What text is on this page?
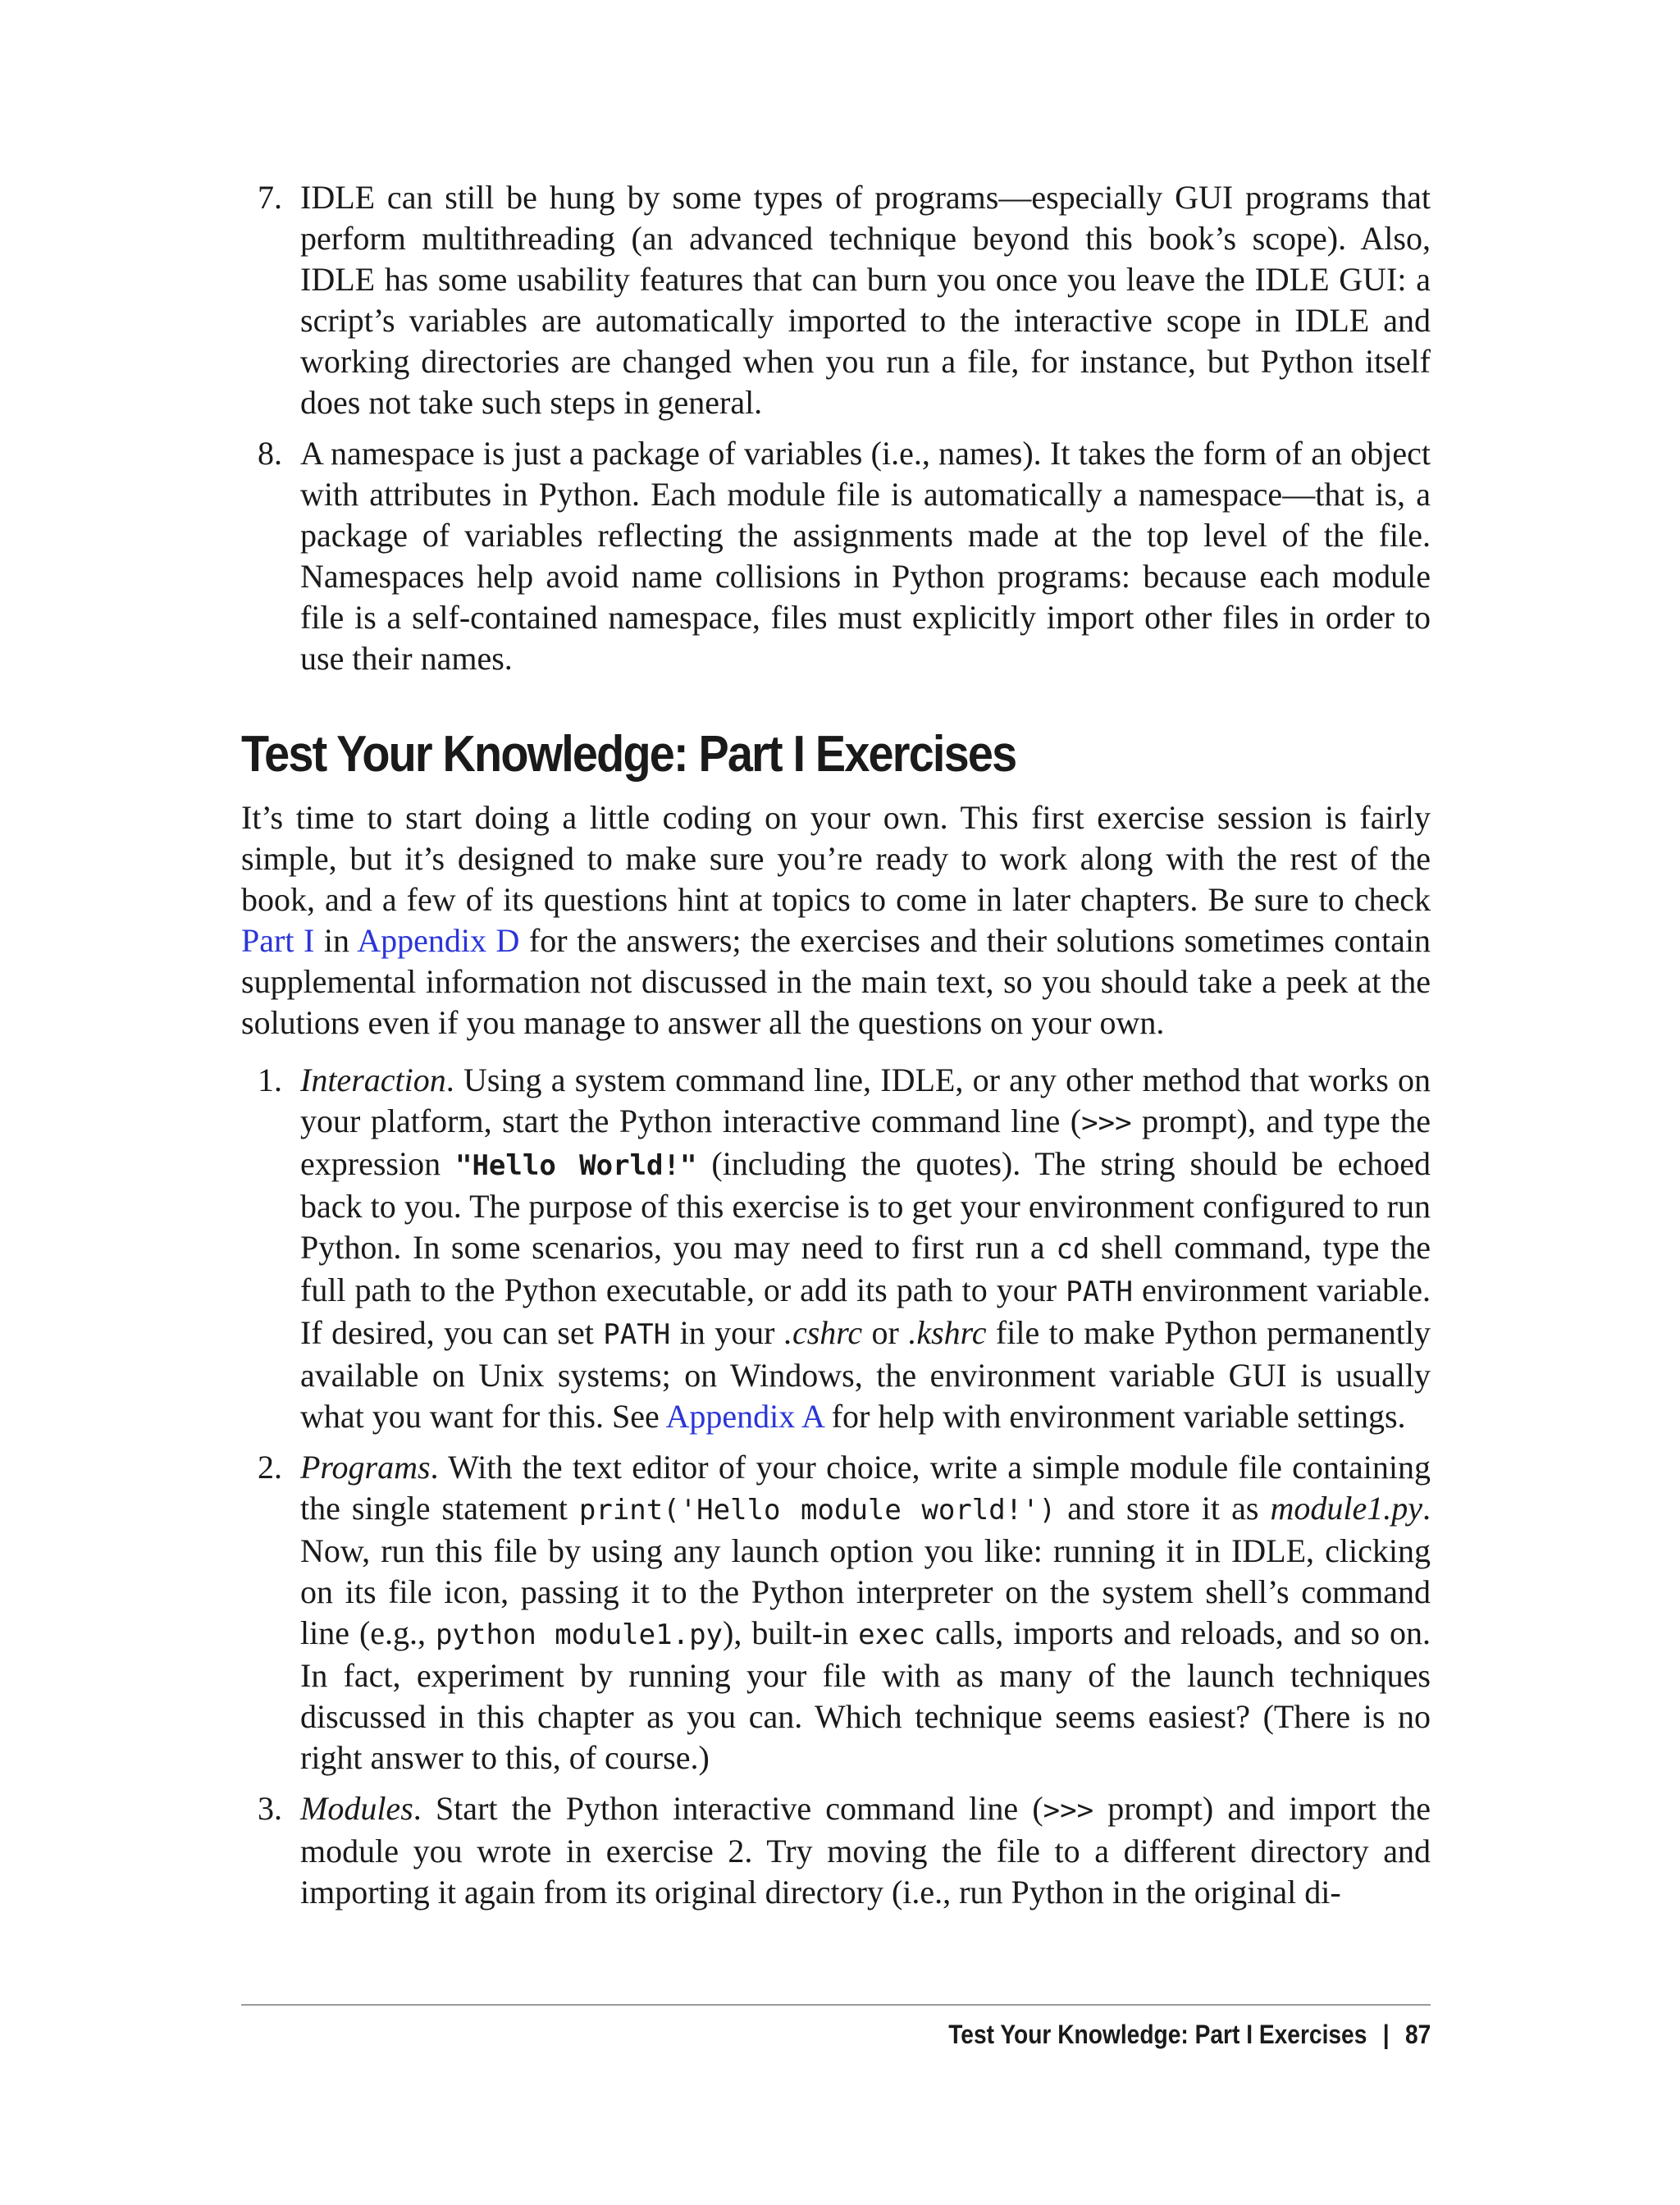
7. IDLE can still be hung by some types of programs—especially GUI programs that perform multithreading (an advanced technique beyond this book’s scope). Also, IDLE has some usability features that can burn you once you leave the IDLE GUI: a script’s variables are automatically imported to the interactive scope in IDLE and working directories are changed when you run a file, for instance, but Python itself does not take such steps in general.
8. A namespace is just a package of variables (i.e., names). It takes the form of an object with attributes in Python. Each module file is automatically a namespace—that is, a package of variables reflecting the assignments made at the top level of the file. Namespaces help avoid name collisions in Python programs: because each module file is a self-contained namespace, files must explicitly import other files in order to use their names.
Test Your Knowledge: Part I Exercises
It’s time to start doing a little coding on your own. This first exercise session is fairly simple, but it’s designed to make sure you’re ready to work along with the rest of the book, and a few of its questions hint at topics to come in later chapters. Be sure to check Part I in Appendix D for the answers; the exercises and their solutions sometimes contain supplemental information not discussed in the main text, so you should take a peek at the solutions even if you manage to answer all the questions on your own.
1. Interaction. Using a system command line, IDLE, or any other method that works on your platform, start the Python interactive command line (>>> prompt), and type the expression "Hello World!" (including the quotes). The string should be echoed back to you. The purpose of this exercise is to get your environment configured to run Python. In some scenarios, you may need to first run a cd shell command, type the full path to the Python executable, or add its path to your PATH environment variable. If desired, you can set PATH in your .cshrc or .kshrc file to make Python permanently available on Unix systems; on Windows, the environment variable GUI is usually what you want for this. See Appendix A for help with environment variable settings.
2. Programs. With the text editor of your choice, write a simple module file containing the single statement print('Hello module world!') and store it as module1.py. Now, run this file by using any launch option you like: running it in IDLE, clicking on its file icon, passing it to the Python interpreter on the system shell’s command line (e.g., python module1.py), built-in exec calls, imports and reloads, and so on. In fact, experiment by running your file with as many of the launch techniques discussed in this chapter as you can. Which technique seems easiest? (There is no right answer to this, of course.)
3. Modules. Start the Python interactive command line (>>> prompt) and import the module you wrote in exercise 2. Try moving the file to a different directory and importing it again from its original directory (i.e., run Python in the original di-
Test Your Knowledge: Part I Exercises | 87
